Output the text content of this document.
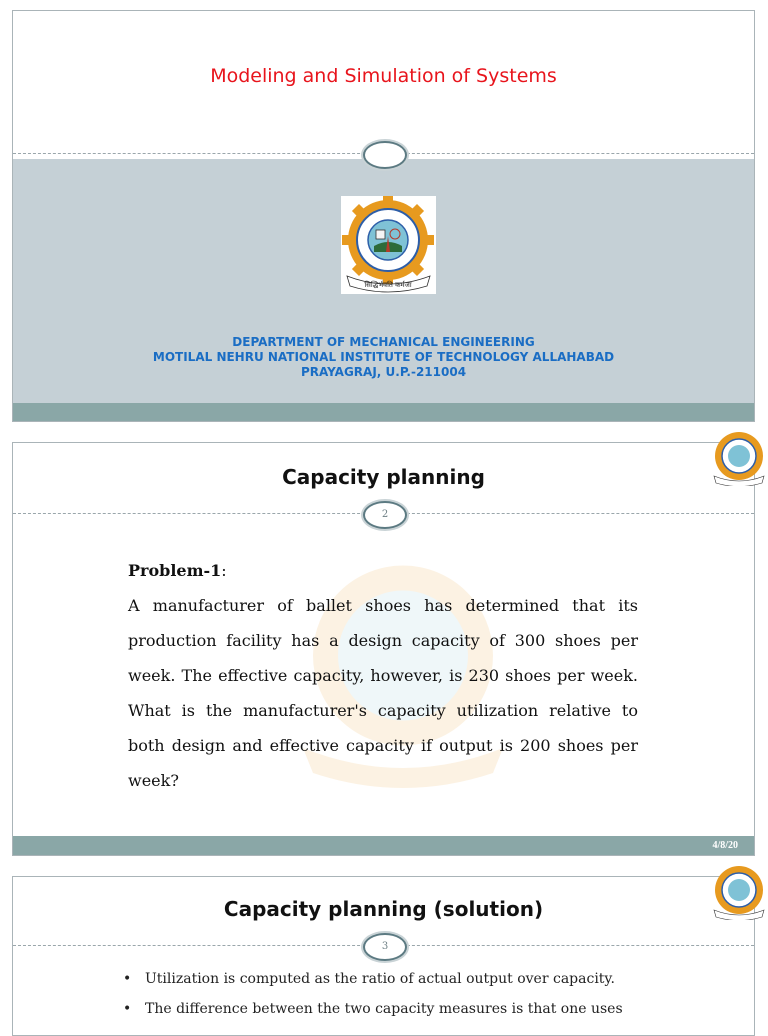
Modeling and Simulation of Systems
सिद्धिर्भवति कर्मजा
DEPARTMENT OF MECHANICAL ENGINEERING
MOTILAL NEHRU NATIONAL INSTITUTE OF TECHNOLOGY ALLAHABAD
PRAYAGRAJ, U.P.-211004
Capacity planning
2
Problem-1:
A manufacturer of ballet shoes has determined that its production facility has a design capacity of 300 shoes per week. The effective capacity, however, is 230 shoes per week. What is the manufacturer's capacity utilization relative to both design and effective capacity if output is 200 shoes per week?
4/8/20
Capacity planning (solution)
3
• Utilization is computed as the ratio of actual output over capacity.
• The difference between the two capacity measures is that one uses
